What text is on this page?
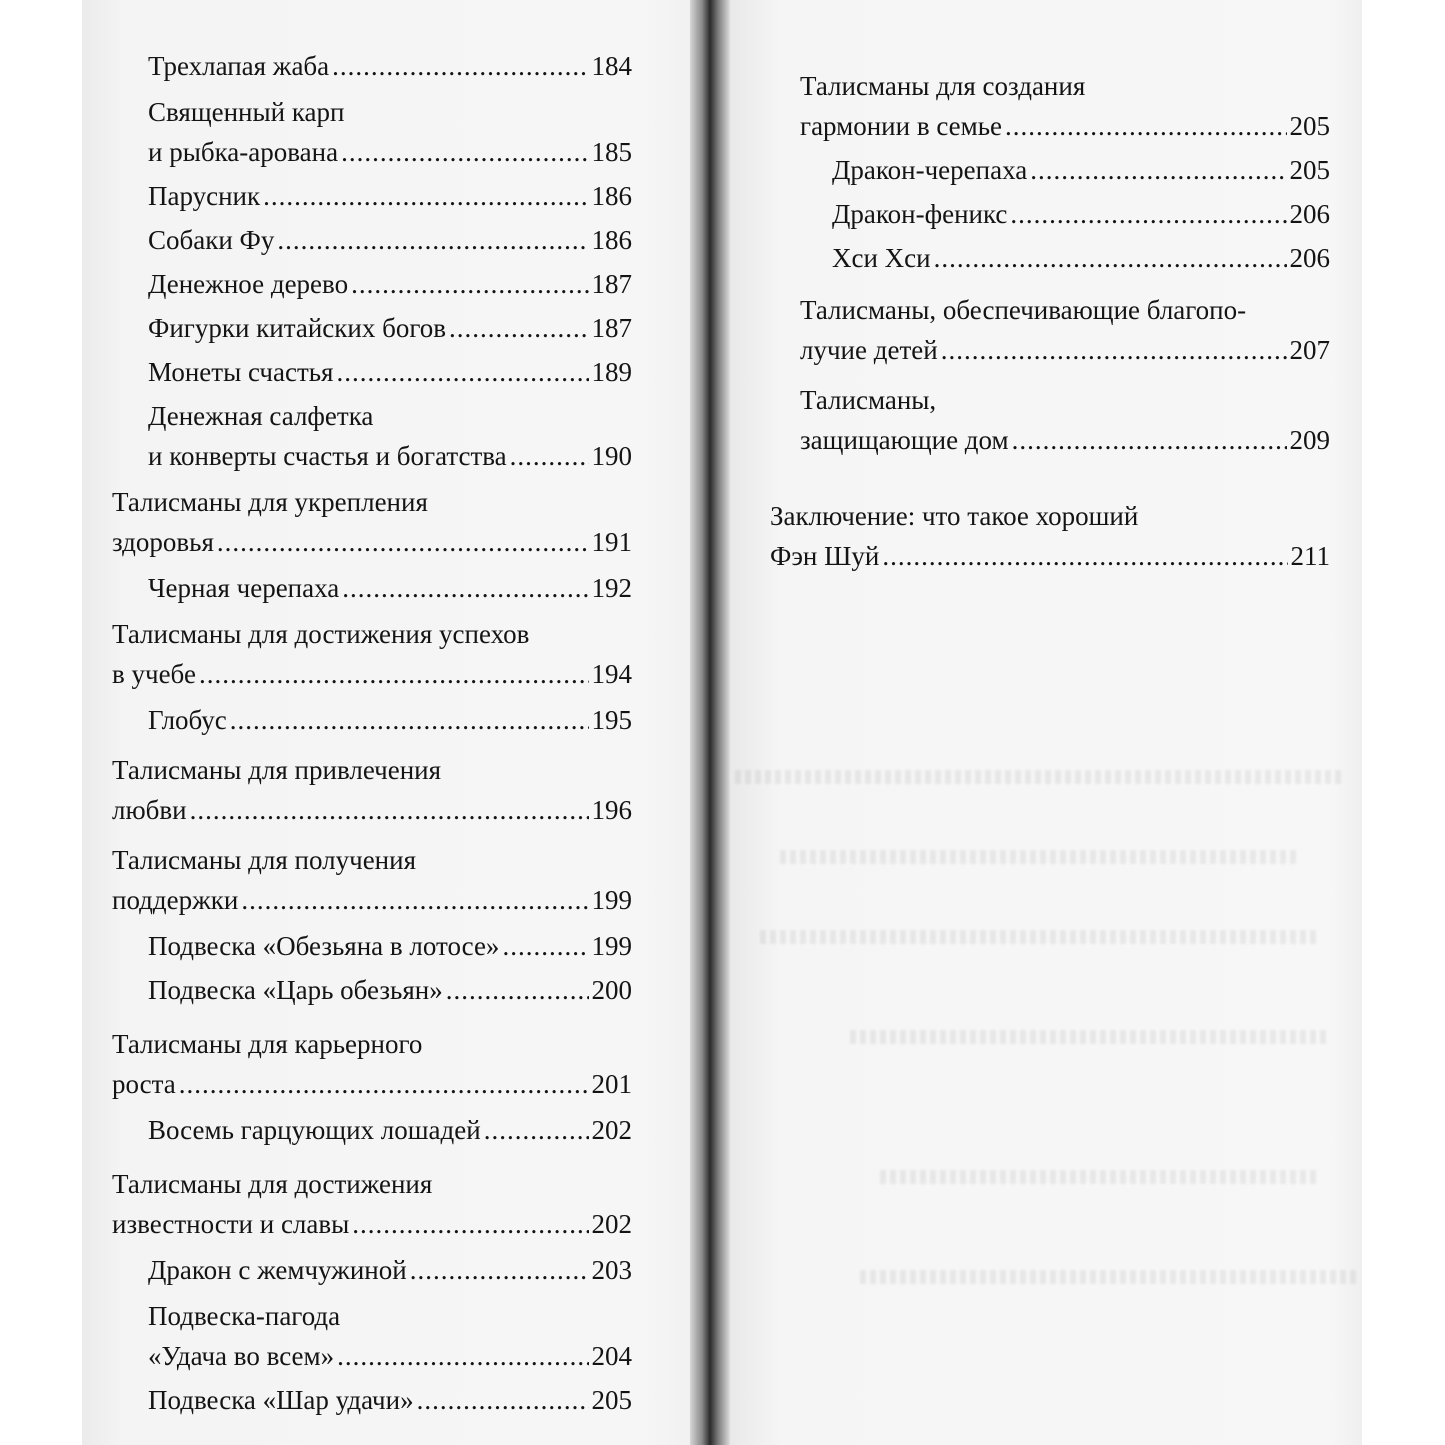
Трехлапая жаба .....	184
Священный карп
и рыбка-арована .....	185
Парусник .....	186
Собаки Фу .....	186
Денежное дерево .....	187
Фигурки китайских богов .....	187
Монеты счастья .....	189
Денежная салфетка
и конверты счастья и богатства .....	190
Талисманы для укрепления
здоровья .....	191
Черная черепаха .....	192
Талисманы для достижения успехов
в учебе .....	194
Глобус .....	195
Талисманы для привлечения
любви .....	196
Талисманы для получения
поддержки .....	199
Подвеска «Обезьяна в лотосе» .....	199
Подвеска «Царь обезьян» .....	200
Талисманы для карьерного
роста .....	201
Восемь гарцующих лошадей .....	202
Талисманы для достижения
известности и славы .....	202
Дракон с жемчужиной .....	203
Подвеска-пагода
«Удача во всем» .....	204
Подвеска «Шар удачи» .....	205
Талисманы для создания
гармонии в семье .....	205
Дракон-черепаха .....	205
Дракон-феникс .....	206
Хси Хси .....	206
Талисманы, обеспечивающие благопо-
лучие детей .....	207
Талисманы,
защищающие дом .....	209
Заключение: что такое хороший
Фэн Шуй .....	211
